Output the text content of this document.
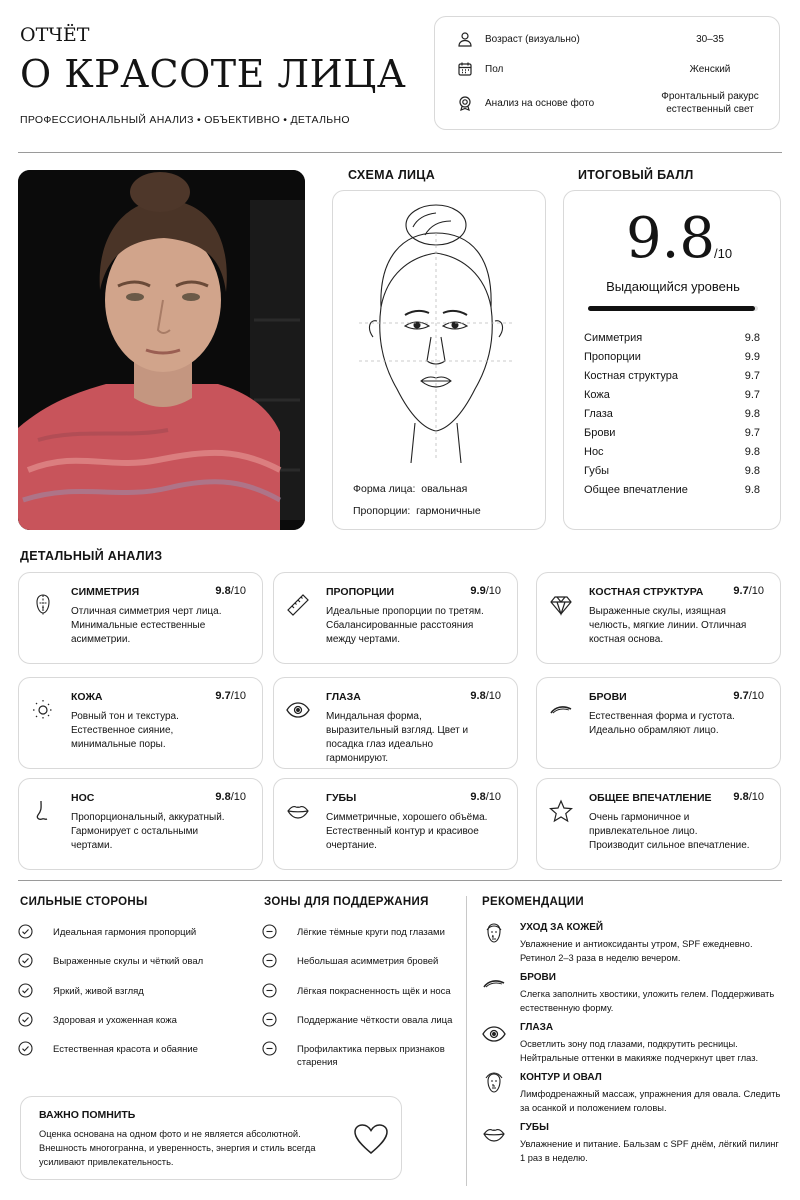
ОТЧЁТ
О КРАСОТЕ ЛИЦА
ПРОФЕССИОНАЛЬНЫЙ АНАЛИЗ • ОБЪЕКТИВНО • ДЕТАЛЬНО
Возраст (визуально)	30–35
Пол	Женский
Анализ на основе фото
Фронтальный ракурс
естественный свет
СХЕМА ЛИЦА
Форма лица: овальная
Пропорции: гармоничные
ИТОГОВЫЙ БАЛЛ
9.8
/10
Выдающийся уровень
Симметрия	9.8
Пропорции	9.9
Костная структура	9.7
Кожа	9.7
Глаза	9.8
Брови	9.7
Нос	9.8
Губы	9.8
Общее впечатление	9.8
ДЕТАЛЬНЫЙ АНАЛИЗ
СИММЕТРИЯ	9.8/10
Отличная симметрия черт лица. Минимальные естественные асимметрии.
ПРОПОРЦИИ	9.9/10
Идеальные пропорции по третям. Сбалансированные расстояния между чертами.
КОСТНАЯ СТРУКТУРА	9.7/10
Выраженные скулы, изящная челюсть, мягкие линии. Отличная костная основа.
КОЖА	9.7/10
Ровный тон и текстура. Естественное сияние, минимальные поры.
ГЛАЗА	9.8/10
Миндальная форма, выразительный взгляд. Цвет и посадка глаз идеально гармонируют.
БРОВИ	9.7/10
Естественная форма и густота. Идеально обрамляют лицо.
НОС	9.8/10
Пропорциональный, аккуратный. Гармонирует с остальными чертами.
ГУБЫ	9.8/10
Симметричные, хорошего объёма. Естественный контур и красивое очертание.
ОБЩЕЕ ВПЕЧАТЛЕНИЕ 9.8/10
Очень гармоничное и привлекательное лицо. Производит сильное впечатление.
СИЛЬНЫЕ СТОРОНЫ
Идеальная гармония пропорций
Выраженные скулы и чёткий овал
Яркий, живой взгляд
Здоровая и ухоженная кожа
Естественная красота и обаяние
ЗОНЫ ДЛЯ ПОДДЕРЖАНИЯ
Лёгкие тёмные круги под глазами
Небольшая асимметрия бровей
Лёгкая покрасненность щёк и носа
Поддержание чёткости овала лица
Профилактика первых признаков старения
РЕКОМЕНДАЦИИ
УХОД ЗА КОЖЕЙ
Увлажнение и антиоксиданты утром, SPF ежедневно. Ретинол 2–3 раза в неделю вечером.
БРОВИ
Слегка заполнить хвостики, уложить гелем. Поддерживать естественную форму.
ГЛАЗА
Осветлить зону под глазами, подкрутить ресницы. Нейтральные оттенки в макияже подчеркнут цвет глаз.
КОНТУР И ОВАЛ
Лимфодренажный массаж, упражнения для овала. Следить за осанкой и положением головы.
ГУБЫ
Увлажнение и питание. Бальзам с SPF днём, лёгкий пилинг 1 раз в неделю.
ВАЖНО ПОМНИТЬ
Оценка основана на одном фото и не является абсолютной. Внешность многогранна, и уверенность, энергия и стиль всегда усиливают привлекательность.
